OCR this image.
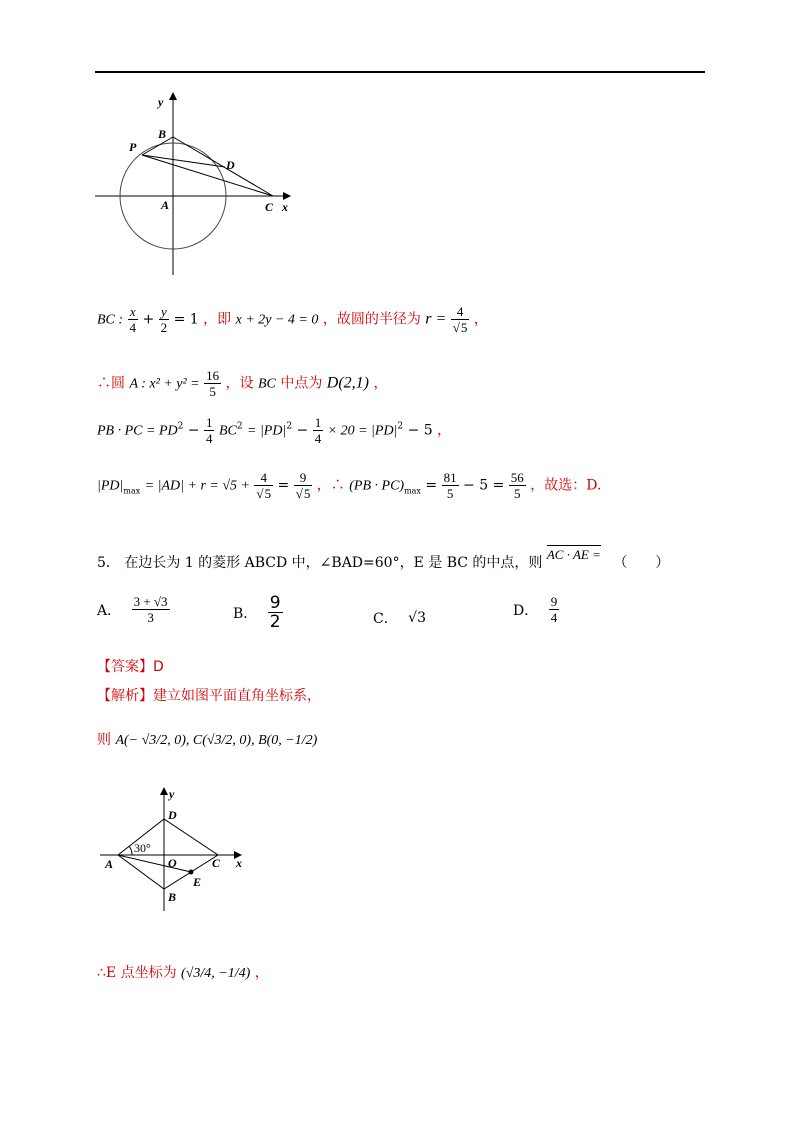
y
B
P
D
A	C x
BC : $\frac{x}{4} + \frac{y}{2} = 1$ ，即 x + 2y − 4 = 0 ，故圆的半径为 $r = \frac{4}{√5}$ ，
∴圆 A : $x^2 + y^2 = \frac{16}{5}$ ，设 BC 中点为 D(2,1) ，
PB · PC = $PD^2 - \frac{1}{4} BC^2 = |PD|^2 - \frac{1}{4} \times 20 = |PD|^2 - 5$ ，
$|PD|_{max} = |AD| + r = √5 + \frac{4}{√5} = \frac{9}{√5}$ ，∴ $(PB \cdot PC)_{max} = \frac{81}{5} - 5 = \frac{56}{5}$ ，故选：D.
5． 在边长为 1 的菱形 ABCD 中，∠BAD=60°，E 是 BC 的中点，则 AC · AE = （　　）
A． $\frac{3 + √3}{3}$	B． $\frac{9}{2}$	C． √3	D． $\frac{9}{4}$
【答案】D
【解析】建立如图平面直角坐标系，
则 A(− √3/2, 0), C(√3/2, 0), B(0, −1/2)
y
D
30°
A	O	C x
E
B
∴E 点坐标为 (√3/4, −1/4) ，
